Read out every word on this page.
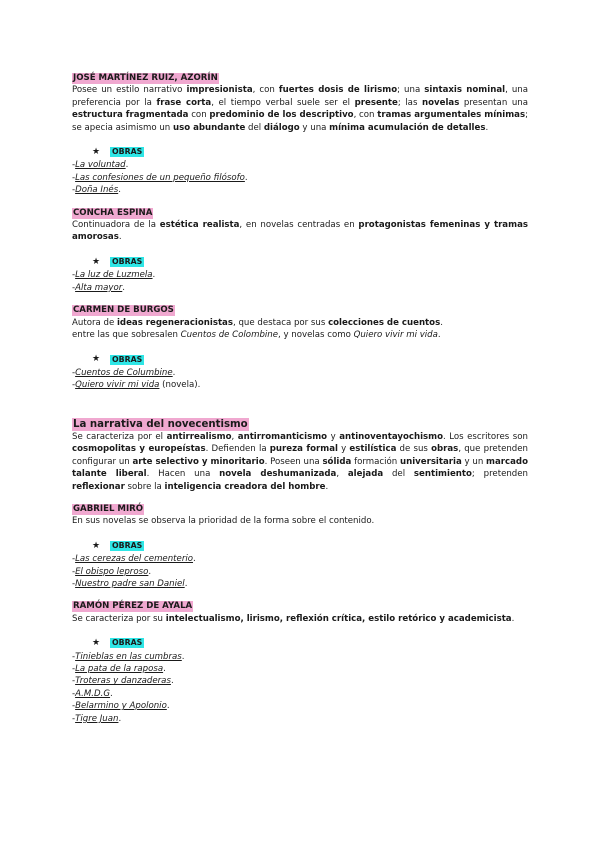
JOSÉ MARTÍNEZ RUIZ, AZORÍN

Posee un estilo narrativo impresionista, con fuertes dosis de lirismo; una sintaxis nominal, una preferencia por la frase corta, el tiempo verbal suele ser el presente; las novelas presentan una estructura fragmentada con predominio de los descriptivo, con tramas argumentales mínimas; se apecia asimismo un uso abundante del diálogo y una mínima acumulación de detalles.

★	OBRAS
-La voluntad.
-Las confesiones de un pequeño filósofo.
-Doña Inés.
CONCHA ESPINA

Continuadora de la estética realista, en novelas centradas en protagonistas femeninas y tramas amorosas.

★	OBRAS
-La luz de Luzmela.
-Alta mayor.
CARMEN DE BURGOS

Autora de ideas regeneracionistas, que destaca por sus colecciones de cuentos.

entre las que sobresalen Cuentos de Colombine, y novelas como Quiero vivir mi vida.

★	OBRAS
-Cuentos de Columbine.
-Quiero vivir mi vida (novela).
La narrativa del novecentismo

Se caracteriza por el antirrealismo, antirromanticismo y antinoventayochismo. Los escritores son cosmopolitas y europeístas. Defienden la pureza formal y estilística de sus obras, que pretenden configurar un arte selectivo y minoritario. Poseen una sólida formación universitaria y un marcado talante liberal. Hacen una novela deshumanizada, alejada del sentimiento; pretenden reflexionar sobre la inteligencia creadora del hombre.

GABRIEL MIRÓ

En sus novelas se observa la prioridad de la forma sobre el contenido.

★	OBRAS
-Las cerezas del cementerio.
-El obispo leproso.
-Nuestro padre san Daniel.
RAMÓN PÉREZ DE AYALA

Se caracteriza por su intelectualismo, lirismo, reflexión crítica, estilo retórico y academicista.

★	OBRAS
-Tinieblas en las cumbras.
-La pata de la raposa.
-Troteras y danzaderas.
-A.M.D.G.
-Belarmino y Apolonio.
-Tigre Juan.
